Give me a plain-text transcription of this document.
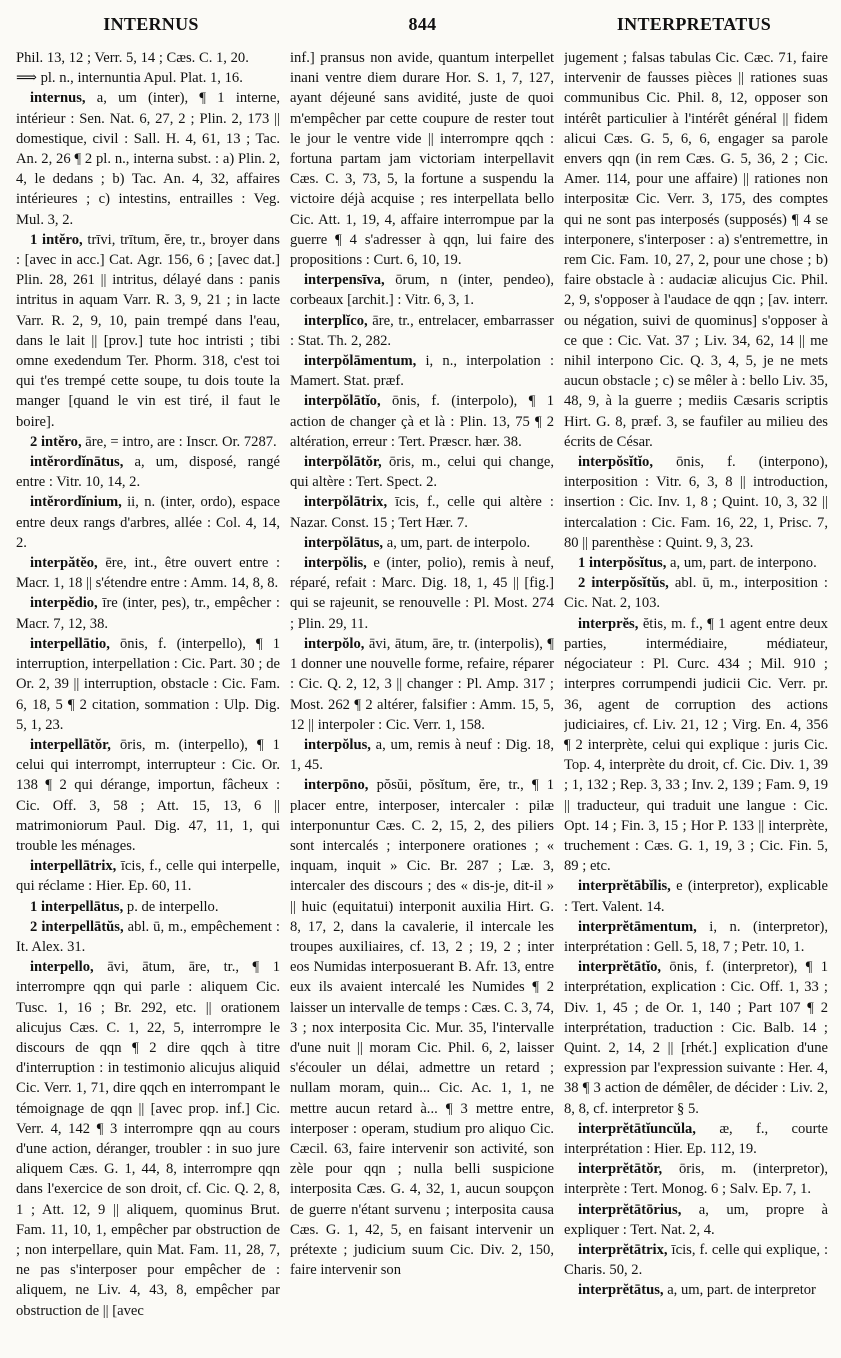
INTERNUS	844	INTERPRETATUS

Phil. 13, 12 ; Verr. 5, 14 ; Cæs. C. 1, 20.

⟹ pl. n., internuntia Apul. Plat. 1, 16.

internus, a, um (inter), ¶ 1 interne, intérieur : Sen. Nat. 6, 27, 2 ; Plin. 2, 173 || domestique, civil : Sall. H. 4, 61, 13 ; Tac. An. 2, 26 ¶ 2 pl. n., interna subst. : a) Plin. 2, 4, le dedans ; b) Tac. An. 4, 32, affaires intérieures ; c) intestins, entrailles : Veg. Mul. 3, 2.

1 intĕro, trīvi, trītum, ĕre, tr., broyer dans : [avec in acc.] Cat. Agr. 156, 6 ; [avec dat.] Plin. 28, 261 || intritus, délayé dans : panis intritus in aquam Varr. R. 3, 9, 21 ; in lacte Varr. R. 2, 9, 10, pain trempé dans l'eau, dans le lait || [prov.] tute hoc intristi ; tibi omne exedendum Ter. Phorm. 318, c'est toi qui t'es trempé cette soupe, tu dois toute la manger [quand le vin est tiré, il faut le boire].

2 intĕro, āre, = intro, are : Inscr. Or. 7287.

intĕrordĭnātus, a, um, disposé, rangé entre : Vitr. 10, 14, 2.

intĕrordĭnium, ii, n. (inter, ordo), espace entre deux rangs d'arbres, allée : Col. 4, 14, 2.

interpătĕo, ēre, int., être ouvert entre : Macr. 1, 18 || s'étendre entre : Amm. 14, 8, 8.

interpĕdio, īre (inter, pes), tr., empêcher : Macr. 7, 12, 38.

interpellātio, ōnis, f. (interpello), ¶ 1 interruption, interpellation : Cic. Part. 30 ; de Or. 2, 39 || interruption, obstacle : Cic. Fam. 6, 18, 5 ¶ 2 citation, sommation : Ulp. Dig. 5, 1, 23.

interpellātŏr, ōris, m. (interpello), ¶ 1 celui qui interrompt, interrupteur : Cic. Or. 138 ¶ 2 qui dérange, importun, fâcheux : Cic. Off. 3, 58 ; Att. 15, 13, 6 || matrimoniorum Paul. Dig. 47, 11, 1, qui trouble les ménages.

interpellātrix, īcis, f., celle qui interpelle, qui réclame : Hier. Ep. 60, 11.

1 interpellātus, p. de interpello.

2 interpellātŭs, abl. ū, m., empêchement : It. Alex. 31.

interpello, āvi, ātum, āre, tr., ¶ 1 interrompre qqn qui parle : aliquem Cic. Tusc. 1, 16 ; Br. 292, etc. || orationem alicujus Cæs. C. 1, 22, 5, interrompre le discours de qqn ¶ 2 dire qqch à titre d'interruption : in testimonio alicujus aliquid Cic. Verr. 1, 71, dire qqch en interrompant le témoignage de qqn || [avec prop. inf.] Cic. Verr. 4, 142 ¶ 3 interrompre qqn au cours d'une action, déranger, troubler : in suo jure aliquem Cæs. G. 1, 44, 8, interrompre qqn dans l'exercice de son droit, cf. Cic. Q. 2, 8, 1 ; Att. 12, 9 || aliquem, quominus Brut. Fam. 11, 10, 1, empêcher par obstruction de ; non interpellare, quin Mat. Fam. 11, 28, 7, ne pas s'interposer pour empêcher de : aliquem, ne Liv. 4, 43, 8, empêcher par obstruction de || [avec

inf.] pransus non avide, quantum interpellet inani ventre diem durare Hor. S. 1, 7, 127, ayant déjeuné sans avidité, juste de quoi m'empêcher par cette coupure de rester tout le jour le ventre vide || interrompre qqch : fortuna partam jam victoriam interpellavit Cæs. C. 3, 73, 5, la fortune a suspendu la victoire déjà acquise ; res interpellata bello Cic. Att. 1, 19, 4, affaire interrompue par la guerre ¶ 4 s'adresser à qqn, lui faire des propositions : Curt. 6, 10, 19.

interpensīva, ōrum, n (inter, pendeo), corbeaux [archit.] : Vitr. 6, 3, 1.

interplĭco, āre, tr., entrelacer, embarrasser : Stat. Th. 2, 282.

interpŏlāmentum, i, n., interpolation : Mamert. Stat. præf.

interpŏlātĭo, ōnis, f. (interpolo), ¶ 1 action de changer çà et là : Plin. 13, 75 ¶ 2 altération, erreur : Tert. Præscr. hær. 38.

interpŏlātŏr, ōris, m., celui qui change, qui altère : Tert. Spect. 2.

interpŏlātrix, īcis, f., celle qui altère : Nazar. Const. 15 ; Tert Hær. 7.

interpŏlātus, a, um, part. de interpolo.

interpŏlis, e (inter, polio), remis à neuf, réparé, refait : Marc. Dig. 18, 1, 45 || [fig.] qui se rajeunit, se renouvelle : Pl. Most. 274 ; Plin. 29, 11.

interpŏlo, āvi, ātum, āre, tr. (interpolis), ¶ 1 donner une nouvelle forme, refaire, réparer : Cic. Q. 2, 12, 3 || changer : Pl. Amp. 317 ; Most. 262 ¶ 2 altérer, falsifier : Amm. 15, 5, 12 || interpoler : Cic. Verr. 1, 158.

interpŏlus, a, um, remis à neuf : Dig. 18, 1, 45.

interpōno, pŏsŭi, pŏsĭtum, ĕre, tr., ¶ 1 placer entre, interposer, intercaler : pilæ interponuntur Cæs. C. 2, 15, 2, des piliers sont intercalés ; interponere orationes ; « inquam, inquit » Cic. Br. 287 ; Læ. 3, intercaler des discours ; des « dis-je, dit-il » || huic (equitatui) interponit auxilia Hirt. G. 8, 17, 2, dans la cavalerie, il intercale les troupes auxiliaires, cf. 13, 2 ; 19, 2 ; inter eos Numidas interposuerant B. Afr. 13, entre eux ils avaient intercalé les Numides ¶ 2 laisser un intervalle de temps : Cæs. C. 3, 74, 3 ; nox interposita Cic. Mur. 35, l'intervalle d'une nuit || moram Cic. Phil. 6, 2, laisser s'écouler un délai, admettre un retard ; nullam moram, quin... Cic. Ac. 1, 1, ne mettre aucun retard à... ¶ 3 mettre entre, interposer : operam, studium pro aliquo Cic. Cæcil. 63, faire intervenir son activité, son zèle pour qqn ; nulla belli suspicione interposita Cæs. G. 4, 32, 1, aucun soupçon de guerre n'étant survenu ; interposita causa Cæs. G. 1, 42, 5, en faisant intervenir un prétexte ; judicium suum Cic. Div. 2, 150, faire intervenir son

jugement ; falsas tabulas Cic. Cæc. 71, faire intervenir de fausses pièces || rationes suas communibus Cic. Phil. 8, 12, opposer son intérêt particulier à l'intérêt général || fidem alicui Cæs. G. 5, 6, 6, engager sa parole envers qqn (in rem Cæs. G. 5, 36, 2 ; Cic. Amer. 114, pour une affaire) || rationes non interpositæ Cic. Verr. 3, 175, des comptes qui ne sont pas interposés (supposés) ¶ 4 se interponere, s'interposer : a) s'entremettre, in rem Cic. Fam. 10, 27, 2, pour une chose ; b) faire obstacle à : audaciæ alicujus Cic. Phil. 2, 9, s'opposer à l'audace de qqn ; [av. interr. ou négation, suivi de quominus] s'opposer à ce que : Cic. Vat. 37 ; Liv. 34, 62, 14 || me nihil interpono Cic. Q. 3, 4, 5, je ne mets aucun obstacle ; c) se mêler à : bello Liv. 35, 48, 9, à la guerre ; mediis Cæsaris scriptis Hirt. G. 8, præf. 3, se faufiler au milieu des écrits de César.

interpŏsĭtĭo, ōnis, f. (interpono), interposition : Vitr. 6, 3, 8 || introduction, insertion : Cic. Inv. 1, 8 ; Quint. 10, 3, 32 || intercalation : Cic. Fam. 16, 22, 1, Prisc. 7, 80 || parenthèse : Quint. 9, 3, 23.

1 interpŏsĭtus, a, um, part. de interpono.

2 interpŏsĭtŭs, abl. ū, m., interposition : Cic. Nat. 2, 103.

interprĕs, ĕtis, m. f., ¶ 1 agent entre deux parties, intermédiaire, médiateur, négociateur : Pl. Curc. 434 ; Mil. 910 ; interpres corrumpendi judicii Cic. Verr. pr. 36, agent de corruption des actions judiciaires, cf. Liv. 21, 12 ; Virg. En. 4, 356 ¶ 2 interprète, celui qui explique : juris Cic. Top. 4, interprète du droit, cf. Cic. Div. 1, 39 ; 1, 132 ; Rep. 3, 33 ; Inv. 2, 139 ; Fam. 9, 19 || traducteur, qui traduit une langue : Cic. Opt. 14 ; Fin. 3, 15 ; Hor P. 133 || interprète, truchement : Cæs. G. 1, 19, 3 ; Cic. Fin. 5, 89 ; etc.

interprĕtābĭlis, e (interpretor), explicable : Tert. Valent. 14.

interprĕtāmentum, i, n. (interpretor), interprétation : Gell. 5, 18, 7 ; Petr. 10, 1.

interprĕtātĭo, ōnis, f. (interpretor), ¶ 1 interprétation, explication : Cic. Off. 1, 33 ; Div. 1, 45 ; de Or. 1, 140 ; Part 107 ¶ 2 interprétation, traduction : Cic. Balb. 14 ; Quint. 2, 14, 2 || [rhét.] explication d'une expression par l'expression suivante : Her. 4, 38 ¶ 3 action de démêler, de décider : Liv. 2, 8, 8, cf. interpretor § 5.

interprĕtātĭuncŭla, æ, f., courte interprétation : Hier. Ep. 112, 19.

interprĕtātŏr, ōris, m. (interpretor), interprète : Tert. Monog. 6 ; Salv. Ep. 7, 1.

interprĕtātōrius, a, um, propre à expliquer : Tert. Nat. 2, 4.

interprĕtātrix, īcis, f. celle qui explique, : Charis. 50, 2.

interprĕtātus, a, um, part. de interpretor
